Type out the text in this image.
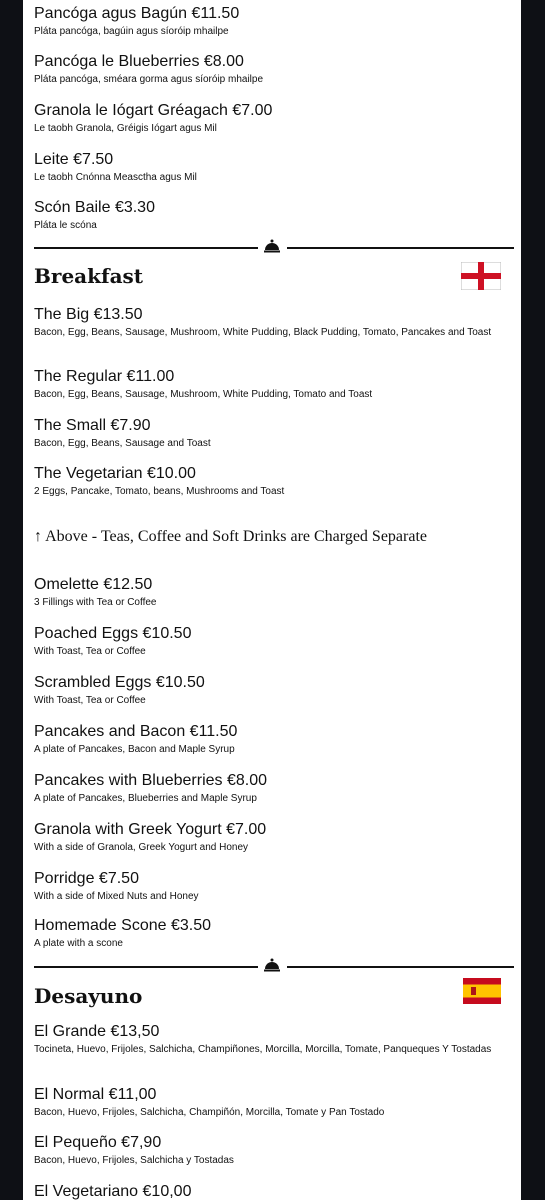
Pancóga agus Bagún €11.50
Pláta pancóga, bagúin agus síoróip mhailpe
Pancóga le Blueberries €8.00
Pláta pancóga, sméara gorma agus síoróip mhailpe
Granola le Iógart Gréagach €7.00
Le taobh Granola, Gréigis Iógart agus Mil
Leite €7.50
Le taobh Cnónna Measctha agus Mil
Scón Baile €3.30
Pláta le scóna
Breakfast
The Big €13.50
Bacon, Egg, Beans, Sausage, Mushroom, White Pudding, Black Pudding, Tomato, Pancakes and Toast
The Regular €11.00
Bacon, Egg, Beans, Sausage, Mushroom, White Pudding, Tomato and Toast
The Small €7.90
Bacon, Egg, Beans, Sausage and Toast
The Vegetarian €10.00
2 Eggs, Pancake, Tomato, beans, Mushrooms and Toast
↑ Above - Teas, Coffee and Soft Drinks are Charged Separate
Omelette €12.50
3 Fillings with Tea or Coffee
Poached Eggs €10.50
With Toast, Tea or Coffee
Scrambled Eggs €10.50
With Toast, Tea or Coffee
Pancakes and Bacon €11.50
A plate of Pancakes, Bacon and Maple Syrup
Pancakes with Blueberries €8.00
A plate of Pancakes, Blueberries and Maple Syrup
Granola with Greek Yogurt €7.00
With a side of Granola, Greek Yogurt and Honey
Porridge €7.50
With a side of Mixed Nuts and Honey
Homemade Scone €3.50
A plate with a scone
Desayuno
El Grande €13,50
Tocineta, Huevo, Frijoles, Salchicha, Champiñones, Morcilla, Morcilla, Tomate, Panqueques Y Tostadas
El Normal €11,00
Bacon, Huevo, Frijoles, Salchicha, Champiñón, Morcilla, Tomate y Pan Tostado
El Pequeño €7,90
Bacon, Huevo, Frijoles, Salchicha y Tostadas
El Vegetariano €10,00
